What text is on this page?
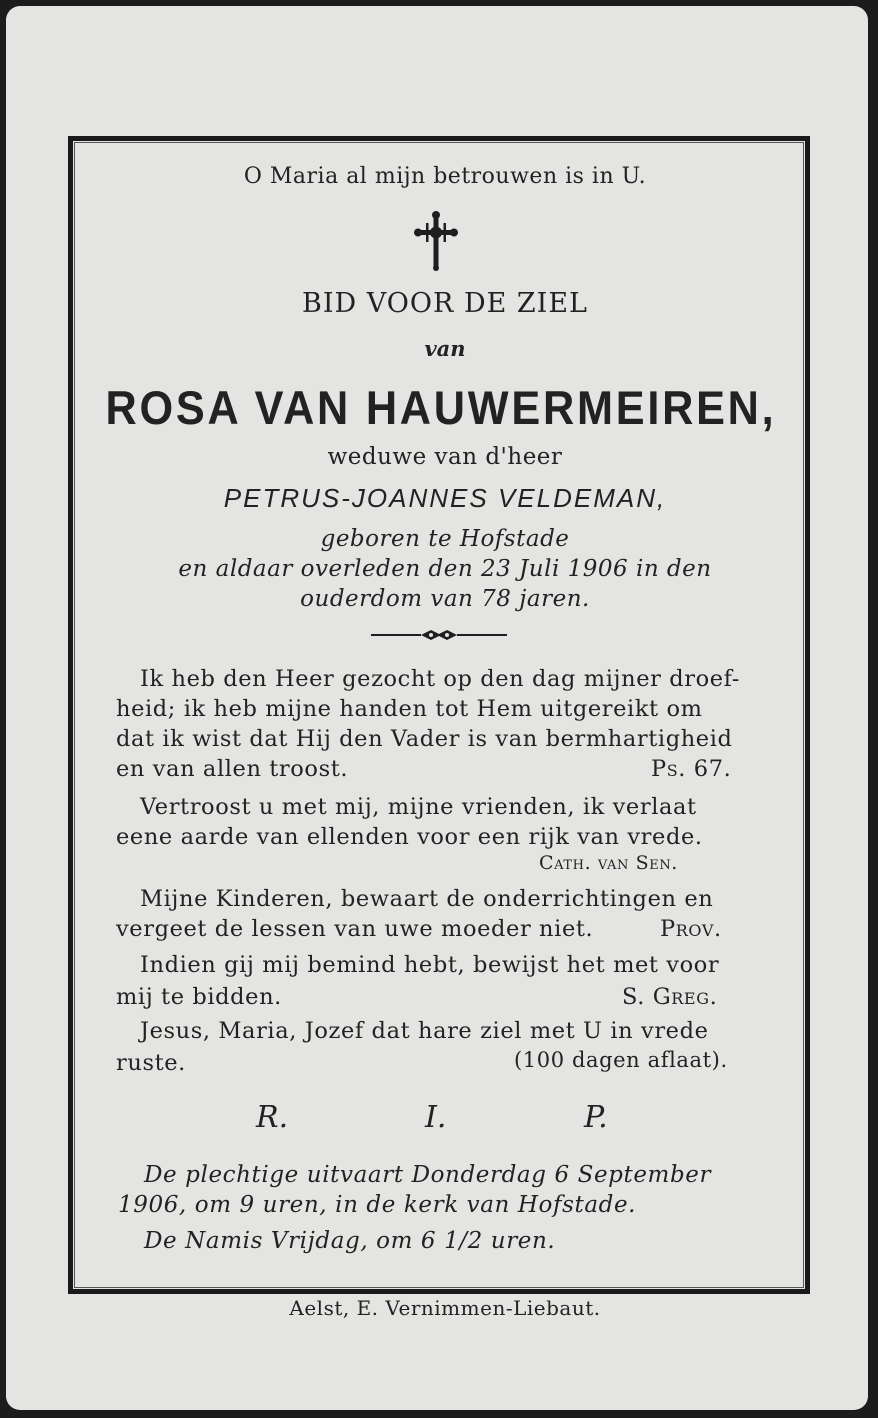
O Maria al mijn betrouwen is in U.
BID VOOR DE ZIEL
van
ROSA VAN HAUWERMEIREN,
weduwe van d'heer
PETRUS-JOANNES VELDEMAN,
geboren te Hofstade
en aldaar overleden den 23 Juli 1906 in den
ouderdom van 78 jaren.
Ik heb den Heer gezocht op den dag mijner droef-
heid; ik heb mijne handen tot Hem uitgereikt om
dat ik wist dat Hij den Vader is van bermhartigheid
en van allen troost.	Ps. 67.
Vertroost u met mij, mijne vrienden, ik verlaat
eene aarde van ellenden voor een rijk van vrede.
Cath. van Sen.
Mijne Kinderen, bewaart de onderrichtingen en
vergeet de lessen van uwe moeder niet.	Prov.
Indien gij mij bemind hebt, bewijst het met voor
mij te bidden.	S. Greg.
Jesus, Maria, Jozef dat hare ziel met U in vrede
ruste.	(100 dagen aflaat).
R.	I.	P.
De plechtige uitvaart Donderdag 6 September
1906, om 9 uren, in de kerk van Hofstade.
De Namis Vrijdag, om 6 1/2 uren.
Aelst, E. Vernimmen-Liebaut.
